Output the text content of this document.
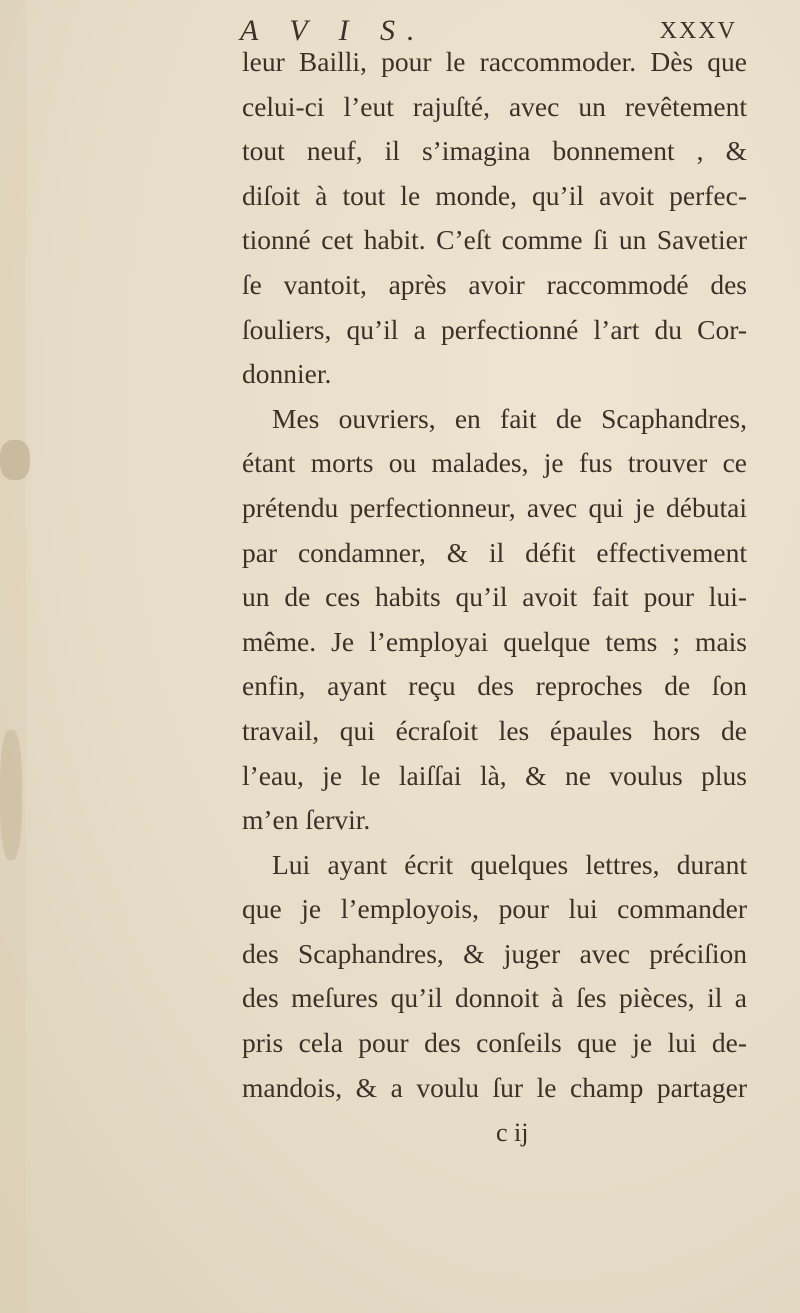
A V I S.	XXXV
leur Bailli, pour le raccommoder. Dès que
celui-ci l’eut rajuſté, avec un revêtement
tout neuf, il s’imagina bonnement , &
diſoit à tout le monde, qu’il avoit perfec-
tionné cet habit. C’eſt comme ſi un Savetier
ſe vantoit, après avoir raccommodé des
ſouliers, qu’il a perfectionné l’art du Cor-
donnier.
Mes ouvriers, en fait de Scaphandres,
étant morts ou malades, je fus trouver ce
prétendu perfectionneur, avec qui je débutai
par condamner, & il défit effectivement
un de ces habits qu’il avoit fait pour lui-
même. Je l’employai quelque tems ; mais
enfin, ayant reçu des reproches de ſon
travail, qui écraſoit les épaules hors de
l’eau, je le laiſſai là, & ne voulus plus
m’en ſervir.
Lui ayant écrit quelques lettres, durant
que je l’employois, pour lui commander
des Scaphandres, & juger avec préciſion
des meſures qu’il donnoit à ſes pièces, il a
pris cela pour des conſeils que je lui de-
mandois, & a voulu ſur le champ partager
c ij
